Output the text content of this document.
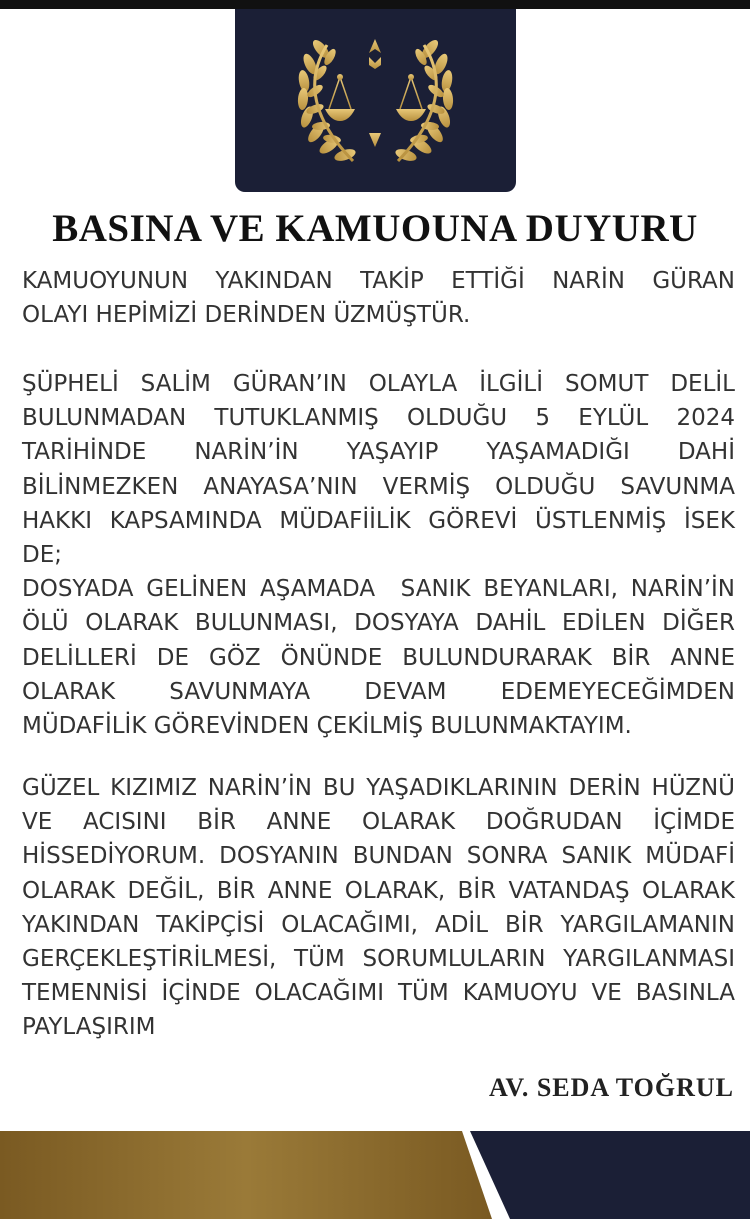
BASINA VE KAMUOUNA DUYURU
KAMUOYUNUN YAKINDAN TAKİP ETTİĞİ NARİN GÜRAN
OLAYI HEPİMİZİ DERİNDEN ÜZMÜŞTÜR.
ŞÜPHELİ SALİM GÜRAN’IN OLAYLA İLGİLİ SOMUT DELİL
BULUNMADAN TUTUKLANMIŞ OLDUĞU 5 EYLÜL 2024
TARİHİNDE NARİN’İN YAŞAYIP YAŞAMADIĞI DAHİ
BİLİNMEZKEN ANAYASA’NIN VERMİŞ OLDUĞU SAVUNMA
HAKKI KAPSAMINDA MÜDAFİİLİK GÖREVİ ÜSTLENMİŞ İSEK
DE;
DOSYADA GELİNEN AŞAMADA  SANIK BEYANLARI, NARİN’İN
ÖLÜ OLARAK BULUNMASI, DOSYAYA DAHİL EDİLEN DİĞER
DELİLLERİ DE GÖZ ÖNÜNDE BULUNDURARAK BİR ANNE
OLARAK SAVUNMAYA DEVAM EDEMEYECEĞİMDEN
MÜDAFİLİK GÖREVİNDEN ÇEKİLMİŞ BULUNMAKTAYIM.
GÜZEL KIZIMIZ NARİN’İN BU YAŞADIKLARININ DERİN HÜZNÜ
VE ACISINI BİR ANNE OLARAK DOĞRUDAN İÇİMDE
HİSSEDİYORUM. DOSYANIN BUNDAN SONRA SANIK MÜDAFİ
OLARAK DEĞİL, BİR ANNE OLARAK, BİR VATANDAŞ OLARAK
YAKINDAN TAKİPÇİSİ OLACAĞIMI, ADİL BİR YARGILAMANIN
GERÇEKLEŞTİRİLMESİ, TÜM SORUMLULARIN YARGILANMASI
TEMENNİSİ İÇİNDE OLACAĞIMI TÜM KAMUOYU VE BASINLA
PAYLAŞIRIM
AV. SEDA TOĞRUL
